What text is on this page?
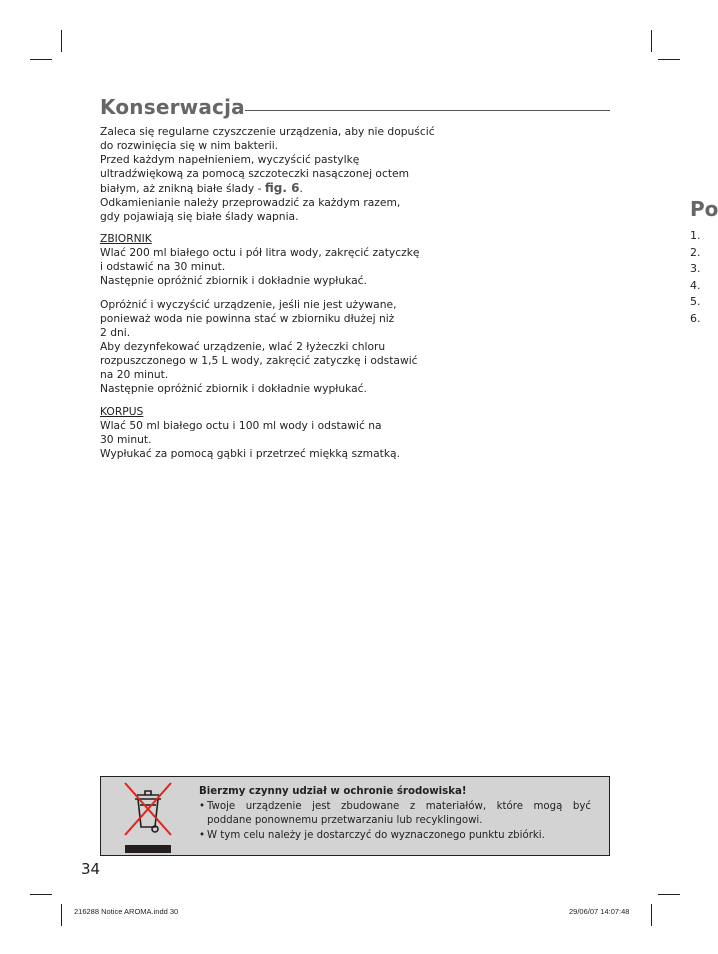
Konserwacja
Zaleca się regularne czyszczenie urządzenia, aby nie dopuścić
do rozwinięcia się w nim bakterii.
Przed każdym napełnieniem, wyczyścić pastylkę
ultradźwiękową za pomocą szczoteczki nasączonej octem
białym, aż znikną białe ślady - fig. 6.
Odkamienianie należy przeprowadzić za każdym razem,
gdy pojawiają się białe ślady wapnia.
ZBIORNIK
Wlać 200 ml białego octu i pół litra wody, zakręcić zatyczkę
i odstawić na 30 minut.
Następnie opróżnić zbiornik i dokładnie wypłukać.
Opróżnić i wyczyścić urządzenie, jeśli nie jest używane,
ponieważ woda nie powinna stać w zbiorniku dłużej niż
2 dni.
Aby dezynfekować urządzenie, wlać 2 łyżeczki chloru
rozpuszczonego w 1,5 L wody, zakręcić zatyczkę i odstawić
na 20 minut.
Następnie opróżnić zbiornik i dokładnie wypłukać.
KORPUS
Wlać 50 ml białego octu i 100 ml wody i odstawić na
30 minut.
Wypłukać za pomocą gąbki i przetrzeć miękką szmatką.
Po
1.
2.
3.
4.
5.
6.
Bierzmy czynny udział w ochronie środowiska!
• Twoje urządzenie jest zbudowane z materiałów, które mogą być
poddane ponownemu przetwarzaniu lub recyklingowi.
• W tym celu należy je dostarczyć do wyznaczonego punktu zbiórki.
34
216288 Notice AROMA.indd 30	29/06/07 14:07:48
